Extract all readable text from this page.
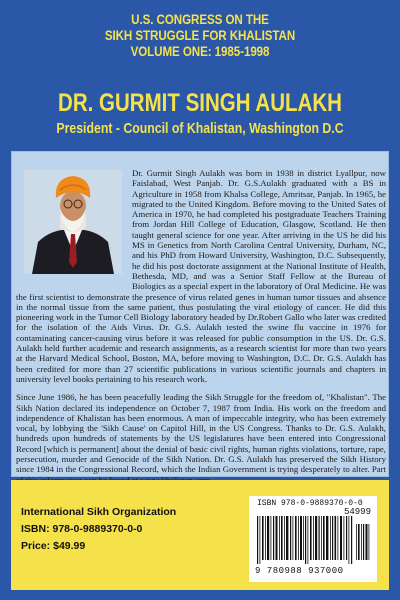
U.S. CONGRESS ON THE
SIKH STRUGGLE FOR KHALISTAN
VOLUME ONE: 1985-1998
DR. GURMIT SINGH AULAKH
President - Council of Khalistan, Washington D.C

Dr. Gurmit Singh Aulakh was born in 1938 in district Lyallpur, now Faislabad, West Panjab. Dr. G.S.Aulakh graduated with a BS in Agriculture in 1958 from Khalsa College, Amritsar, Panjab. In 1965, he migrated to the United Kingdom. Before moving to the United Sates of America in 1970, he had completed his postgraduate Teachers Training from Jordan Hill College of Education, Glasgow, Scotland. He then taught general science for one year. After arriving in the US he did his MS in Genetics from North Carolina Central University, Durham, NC, and his PhD from Howard University, Washington, D.C. Subsequently, he did his post doctorate assignment at the National Institute of Health, Bethesda, MD, and was a Senior Staff Fellow at the Bureau of Biologics as a special expert in the laboratory of Oral Medicine. He was the first scientist to demonstrate the presence of virus related genes in human tumor tissues and absence in the normal tissue from the same patient, thus postulating the viral etiology of cancer. He did this pioneering work in the Tumor Cell Biology laboratory headed by Dr.Robert Gallo who later was credited for the isolation of the Aids Virus. Dr. G.S. Aulakh tested the swine flu vaccine in 1976 for contaminating cancer-causing virus before it was released for public consumption in the US. Dr. G.S. Aulakh held further academic and research assignments, as a research scientist for more than two years at the Harvard Medical School, Boston, MA, before moving to Washington, D.C. Dr. G.S. Aulakh has been credited for more than 27 scientific publications in various scientific journals and chapters in university level books pertaining to his research work.

Since June 1986, he has been peacefully leading the Sikh Struggle for the freedom of, "Khalistan". The Sikh Nation declared its independence on October 7, 1987 from India. His work on the freedom and independence of Khalistan has been enormous. A man of impeccable integrity, who has been extremely vocal, by lobbying the 'Sikh Cause' on Capitol Hill, in the US Congress. Thanks to Dr. G.S. Aulakh, hundreds upon hundreds of statements by the US legislatures have been entered into Congressional Record [which is permanent] about the denial of basic civil rights, human rights violations, torture, rape, persecution, murder and Genocide of the Sikh Nation. Dr. G.S. Aulakh has preserved the Sikh History since 1984 in the Congressional Record, which the Indian Government is trying desperately to alter. Part

International Sikh Organization
ISBN: 978-0-9889370-0-0
Price: $49.99
ISBN 978-0-9889370-0-0
54999
9 780988 937000
